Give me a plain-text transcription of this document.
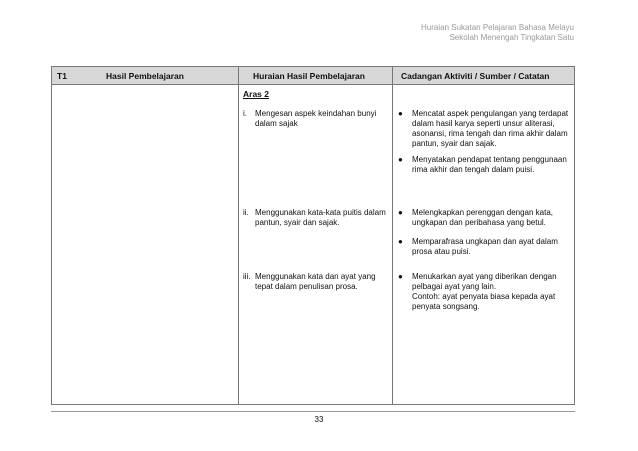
Huraian Sukatan Pelajaran Bahasa Melayu
Sekolah Menengah Tingkatan Satu
T1	Hasil Pembelajaran	Huraian Hasil Pembelajaran	Cadangan Aktiviti / Sumber / Catatan
Aras 2
i. Mengesan aspek keindahan bunyi dalam sajak
● Mencatat aspek pengulangan yang terdapat dalam hasil karya seperti unsur aliterasi, asonansi, rima tengah dan rima akhir dalam pantun, syair dan sajak.
● Menyatakan pendapat tentang penggunaan rima akhir dan tengah dalam puisi.
ii. Menggunakan kata-kata puitis dalam pantun, syair dan sajak.
● Melengkapkan perenggan dengan kata, ungkapan dan peribahasa yang betul.
● Memparafrasa ungkapan dan ayat dalam prosa atau puisi.
iii. Menggunakan kata dan ayat yang tepat dalam penulisan prosa.
● Menukarkan ayat yang diberikan dengan pelbagai ayat yang lain.
Contoh: ayat penyata biasa kepada ayat penyata songsang.
33
